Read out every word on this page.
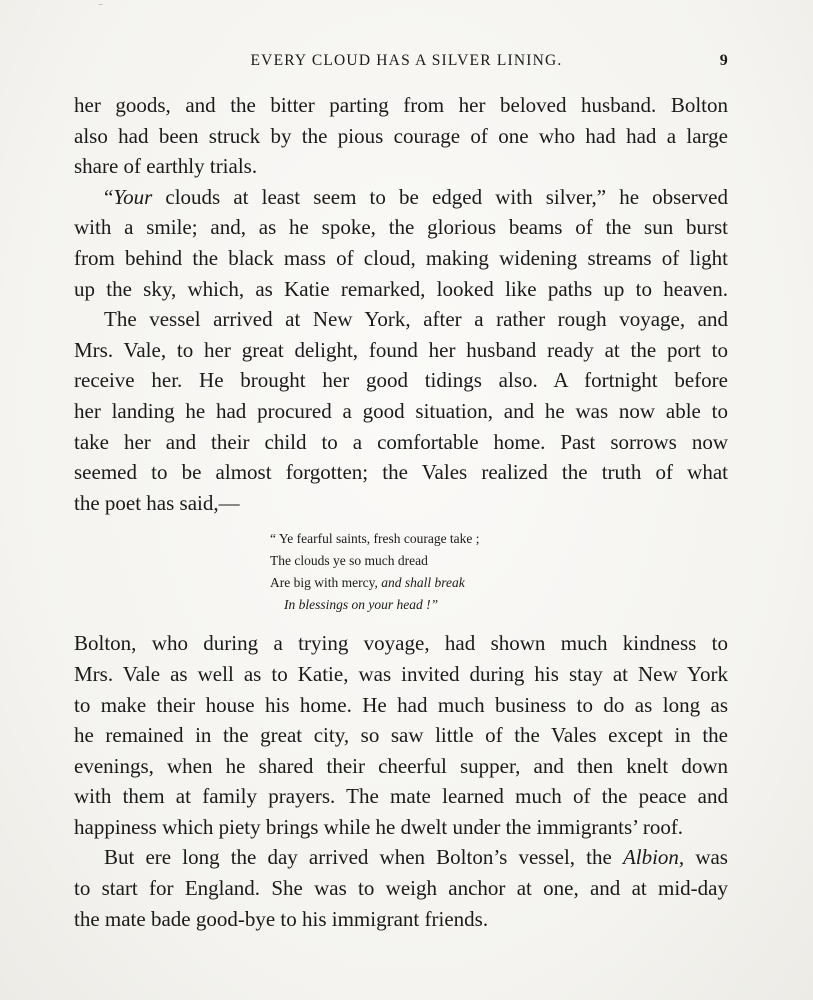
⁻
EVERY CLOUD HAS A SILVER LINING.	9

her goods, and the bitter parting from her beloved husband. Bolton
also had been struck by the pious courage of one who had had a large
share of earthly trials.

“Your clouds at least seem to be edged with silver,” he observed
with a smile; and, as he spoke, the glorious beams of the sun burst
from behind the black mass of cloud, making widening streams of light
up the sky, which, as Katie remarked, looked like paths up to heaven.

The vessel arrived at New York, after a rather rough voyage, and
Mrs. Vale, to her great delight, found her husband ready at the port to
receive her. He brought her good tidings also. A fortnight before
her landing he had procured a good situation, and he was now able to
take her and their child to a comfortable home. Past sorrows now
seemed to be almost forgotten; the Vales realized the truth of what
the poet has said,—

“ Ye fearful saints, fresh courage take ;
The clouds ye so much dread
Are big with mercy, and shall break
In blessings on your head !”

Bolton, who during a trying voyage, had shown much kindness to
Mrs. Vale as well as to Katie, was invited during his stay at New York
to make their house his home. He had much business to do as long as
he remained in the great city, so saw little of the Vales except in the
evenings, when he shared their cheerful supper, and then knelt down
with them at family prayers. The mate learned much of the peace and
happiness which piety brings while he dwelt under the immigrants’ roof.

But ere long the day arrived when Bolton’s vessel, the Albion, was
to start for England. She was to weigh anchor at one, and at mid-day
the mate bade good-bye to his immigrant friends.
